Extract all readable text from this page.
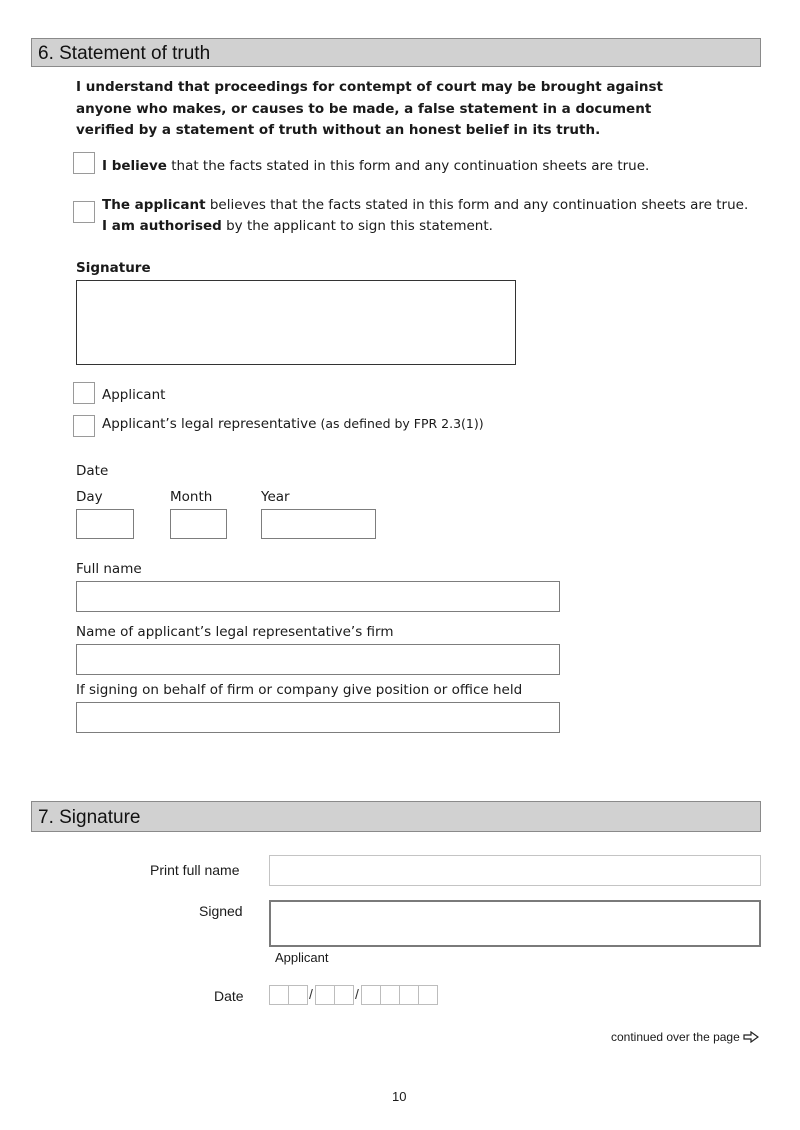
6. Statement of truth
I understand that proceedings for contempt of court may be brought against anyone who makes, or causes to be made, a false statement in a document verified by a statement of truth without an honest belief in its truth.
I believe that the facts stated in this form and any continuation sheets are true.
The applicant believes that the facts stated in this form and any continuation sheets are true.
I am authorised by the applicant to sign this statement.
Signature
Applicant
Applicant’s legal representative (as defined by FPR 2.3(1))
Date
Day	Month	Year
Full name
Name of applicant’s legal representative’s firm
If signing on behalf of firm or company give position or office held
7. Signature
Print full name
Signed
Applicant
Date	/	/
continued over the page
10
